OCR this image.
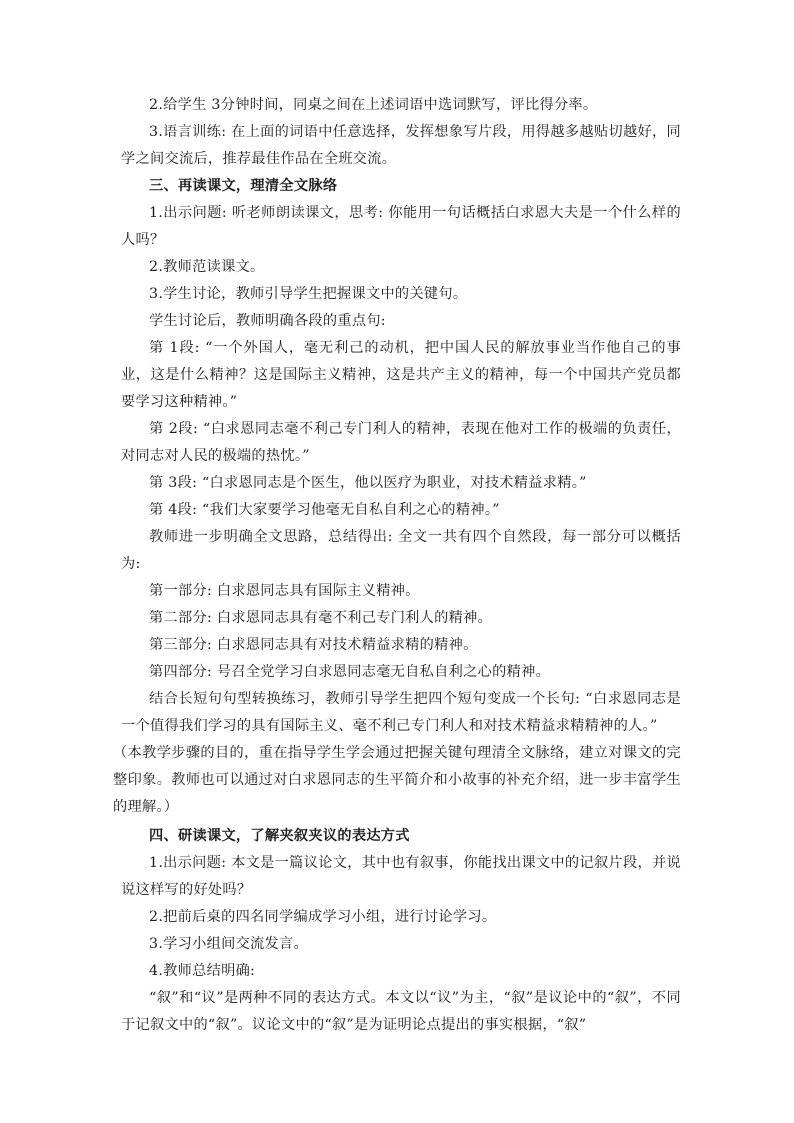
2.给学生 3分钟时间，同桌之间在上述词语中选词默写，评比得分率。

3.语言训练: 在上面的词语中任意选择，发挥想象写片段，用得越多越贴切越好，同学之间交流后，推荐最佳作品在全班交流。

三、再读课文，理清全文脉络

1.出示问题: 听老师朗读课文，思考: 你能用一句话概括白求恩大夫是一个什么样的人吗？

2.教师范读课文。

3.学生讨论，教师引导学生把握课文中的关键句。

学生讨论后，教师明确各段的重点句:

第 1段: “一个外国人，毫无利己的动机，把中国人民的解放事业当作他自己的事业，这是什么精神？这是国际主义精神，这是共产主义的精神，每一个中国共产党员都要学习这种精神。”

第 2段: “白求恩同志毫不利己专门利人的精神，表现在他对工作的极端的负责任，对同志对人民的极端的热忱。”

第 3段: “白求恩同志是个医生，他以医疗为职业，对技术精益求精。”

第 4段: “我们大家要学习他毫无自私自利之心的精神。”

教师进一步明确全文思路，总结得出: 全文一共有四个自然段，每一部分可以概括为:

第一部分: 白求恩同志具有国际主义精神。

第二部分: 白求恩同志具有毫不利己专门利人的精神。

第三部分: 白求恩同志具有对技术精益求精的精神。

第四部分: 号召全党学习白求恩同志毫无自私自利之心的精神。

结合长短句句型转换练习，教师引导学生把四个短句变成一个长句: “白求恩同志是一个值得我们学习的具有国际主义、毫不利己专门利人和对技术精益求精精神的人。”

（本教学步骤的目的，重在指导学生学会通过把握关键句理清全文脉络，建立对课文的完整印象。教师也可以通过对白求恩同志的生平简介和小故事的补充介绍，进一步丰富学生的理解。）

四、研读课文，了解夹叙夹议的表达方式

1.出示问题: 本文是一篇议论文，其中也有叙事，你能找出课文中的记叙片段，并说说这样写的好处吗？

2.把前后桌的四名同学编成学习小组，进行讨论学习。

3.学习小组间交流发言。

4.教师总结明确:

“叙”和“议”是两种不同的表达方式。本文以“议”为主，“叙”是议论中的“叙”，不同于记叙文中的“叙”。议论文中的“叙”是为证明论点提出的事实根据，“叙”
